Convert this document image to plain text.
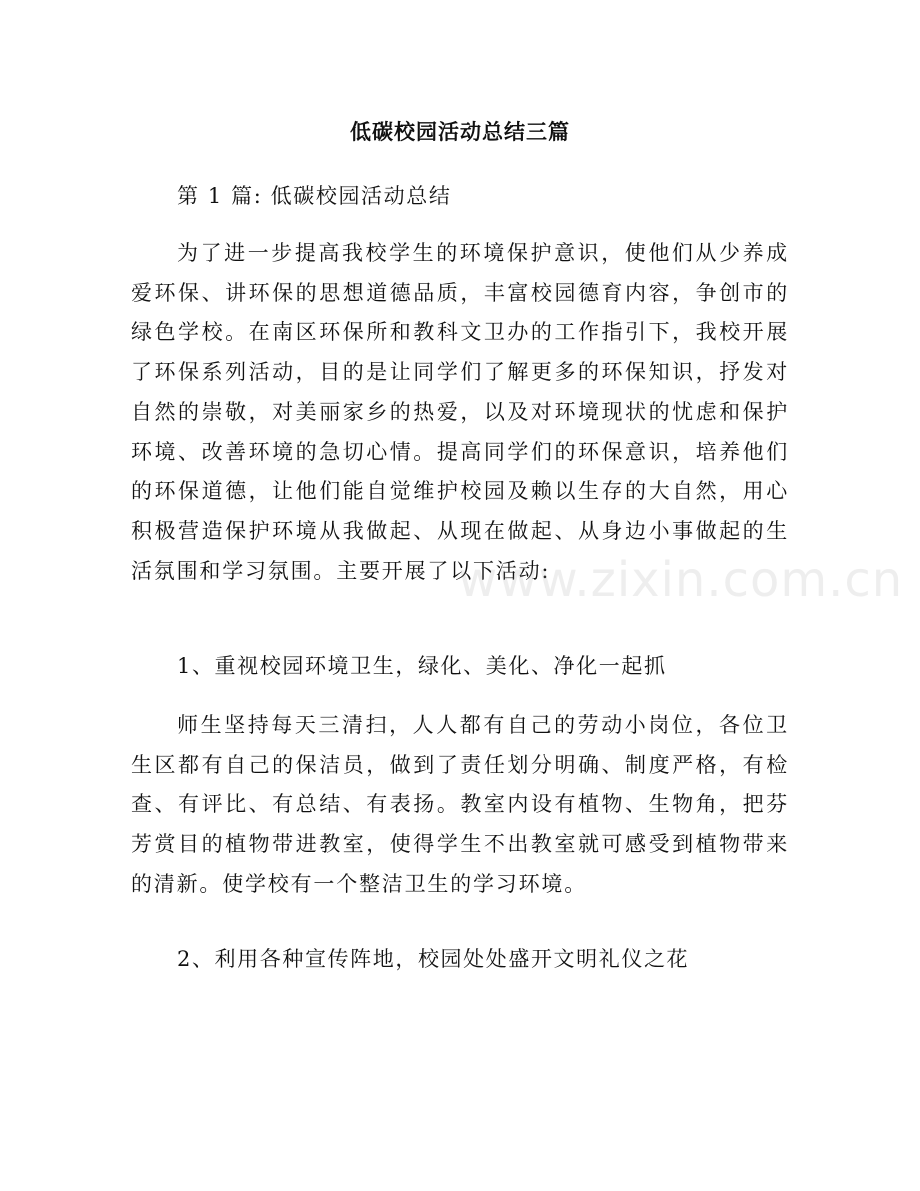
低碳校园活动总结三篇
第 1 篇: 低碳校园活动总结
为了进一步提高我校学生的环境保护意识，使他们从少养成爱环保、讲环保的思想道德品质，丰富校园德育内容，争创市的绿色学校。在南区环保所和教科文卫办的工作指引下，我校开展了环保系列活动，目的是让同学们了解更多的环保知识，抒发对自然的崇敬，对美丽家乡的热爱，以及对环境现状的忧虑和保护环境、改善环境的急切心情。提高同学们的环保意识，培养他们的环保道德，让他们能自觉维护校园及赖以生存的大自然，用心积极营造保护环境从我做起、从现在做起、从身边小事做起的生活氛围和学习氛围。主要开展了以下活动:
1、重视校园环境卫生，绿化、美化、净化一起抓
师生坚持每天三清扫，人人都有自己的劳动小岗位，各位卫生区都有自己的保洁员，做到了责任划分明确、制度严格，有检查、有评比、有总结、有表扬。教室内设有植物、生物角，把芬芳赏目的植物带进教室，使得学生不出教室就可感受到植物带来的清新。使学校有一个整洁卫生的学习环境。
2、利用各种宣传阵地，校园处处盛开文明礼仪之花
www.zixin.com.cn
